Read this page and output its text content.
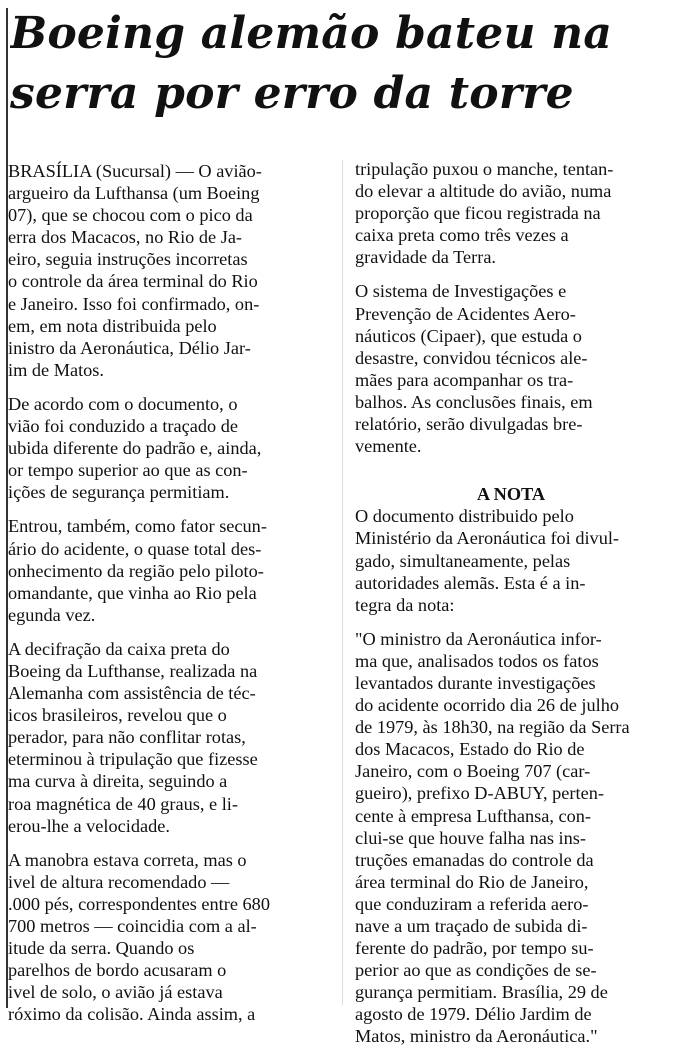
Boeing alemão bateu na
serra por erro da torre
BRASÍLIA (Sucursal) — O avião-
argueiro da Lufthansa (um Boeing
07), que se chocou com o pico da
erra dos Macacos, no Rio de Ja-
eiro, seguia instruções incorretas
o controle da área terminal do Rio
e Janeiro. Isso foi confirmado, on-
em, em nota distribuida pelo
inistro da Aeronáutica, Délio Jar-
im de Matos.
De acordo com o documento, o
vião foi conduzido a traçado de
ubida diferente do padrão e, ainda,
or tempo superior ao que as con-
ições de segurança permitiam.
Entrou, também, como fator secun-
ário do acidente, o quase total des-
onhecimento da região pelo piloto-
omandante, que vinha ao Rio pela
egunda vez.
A decifração da caixa preta do
Boeing da Lufthanse, realizada na
Alemanha com assistência de téc-
icos brasileiros, revelou que o
perador, para não conflitar rotas,
eterminou à tripulação que fizesse
ma curva à direita, seguindo a
roa magnética de 40 graus, e li-
erou-lhe a velocidade.
A manobra estava correta, mas o
ivel de altura recomendado —
.000 pés, correspondentes entre 680
700 metros — coincidia com a al-
itude da serra. Quando os
parelhos de bordo acusaram o
ivel de solo, o avião já estava
róximo da colisão. Ainda assim, a
tripulação puxou o manche, tentan-
do elevar a altitude do avião, numa
proporção que ficou registrada na
caixa preta como três vezes a
gravidade da Terra.
O sistema de Investigações e
Prevenção de Acidentes Aero-
náuticos (Cipaer), que estuda o
desastre, convidou técnicos ale-
mães para acompanhar os tra-
balhos. As conclusões finais, em
relatório, serão divulgadas bre-
vemente.
A NOTA
O documento distribuido pelo
Ministério da Aeronáutica foi divul-
gado, simultaneamente, pelas
autoridades alemãs. Esta é a in-
tegra da nota:
"O ministro da Aeronáutica infor-
ma que, analisados todos os fatos
levantados durante investigações
do acidente ocorrido dia 26 de julho
de 1979, às 18h30, na região da Serra
dos Macacos, Estado do Rio de
Janeiro, com o Boeing 707 (car-
gueiro), prefixo D-ABUY, perten-
cente à empresa Lufthansa, con-
clui-se que houve falha nas ins-
truções emanadas do controle da
área terminal do Rio de Janeiro,
que conduziram a referida aero-
nave a um traçado de subida di-
ferente do padrão, por tempo su-
perior ao que as condições de se-
gurança permitiam. Brasília, 29 de
agosto de 1979. Délio Jardim de
Matos, ministro da Aeronáutica."
